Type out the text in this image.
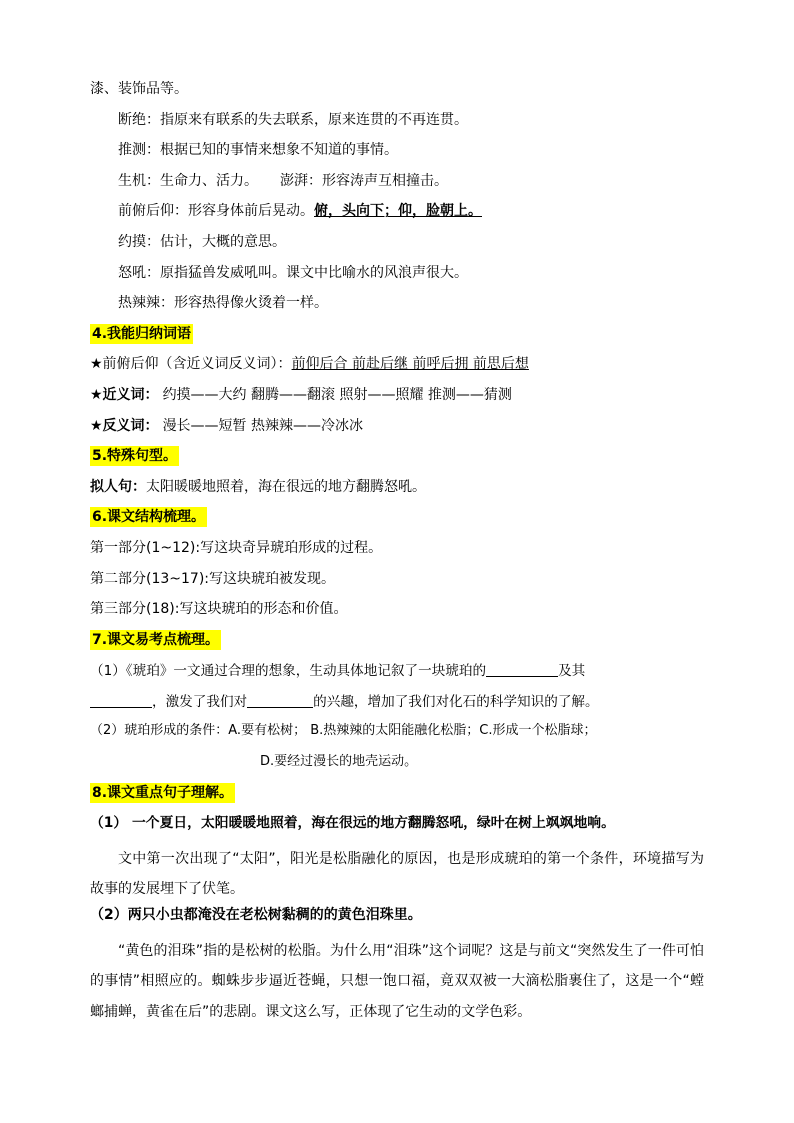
漆、装饰品等。
断绝：指原来有联系的失去联系，原来连贯的不再连贯。
推测：根据已知的事情来想象不知道的事情。
生机：生命力、活力。 澎湃：形容涛声互相撞击。
前俯后仰：形容身体前后晃动。俯，头向下；仰，脸朝上。
约摸：估计，大概的意思。
怒吼：原指猛兽发威吼叫。课文中比喻水的风浪声很大。
热辣辣：形容热得像火烫着一样。
4.我能归纳词语
★前俯后仰（含近义词反义词）：前仰后合 前赴后继 前呼后拥 前思后想
★近义词： 约摸——大约 翻腾——翻滚 照射——照耀 推测——猜测
★反义词： 漫长——短暂 热辣辣——冷冰冰
5.特殊句型。
拟人句：太阳暖暖地照着，海在很远的地方翻腾怒吼。
6.课文结构梳理。
第一部分(1~12):写这块奇异琥珀形成的过程。
第二部分(13~17):写这块琥珀被发现。
第三部分(18):写这块琥珀的形态和价值。
7.课文易考点梳理。
（1）《琥珀》一文通过合理的想象，生动具体地记叙了一块琥珀的	及其
，激发了我们对	的兴趣，增加了我们对化石的科学知识的了解。
（2）琥珀形成的条件：A.要有松树； B.热辣辣的太阳能融化松脂；C.形成一个松脂球；
D.要经过漫长的地壳运动。
8.课文重点句子理解。
（1） 一个夏日，太阳暖暖地照着，海在很远的地方翻腾怒吼，绿叶在树上飒飒地响。
文中第一次出现了“太阳”，阳光是松脂融化的原因，也是形成琥珀的第一个条件，环境描写为故事的发展埋下了伏笔。
（2）两只小虫都淹没在老松树黏稠的的黄色泪珠里。
“黄色的泪珠”指的是松树的松脂。为什么用“泪珠”这个词呢？这是与前文“突然发生了一件可怕的事情”相照应的。蜘蛛步步逼近苍蝇，只想一饱口福，竟双双被一大滴松脂裹住了，这是一个“螳螂捕蝉，黄雀在后”的悲剧。课文这么写，正体现了它生动的文学色彩。
